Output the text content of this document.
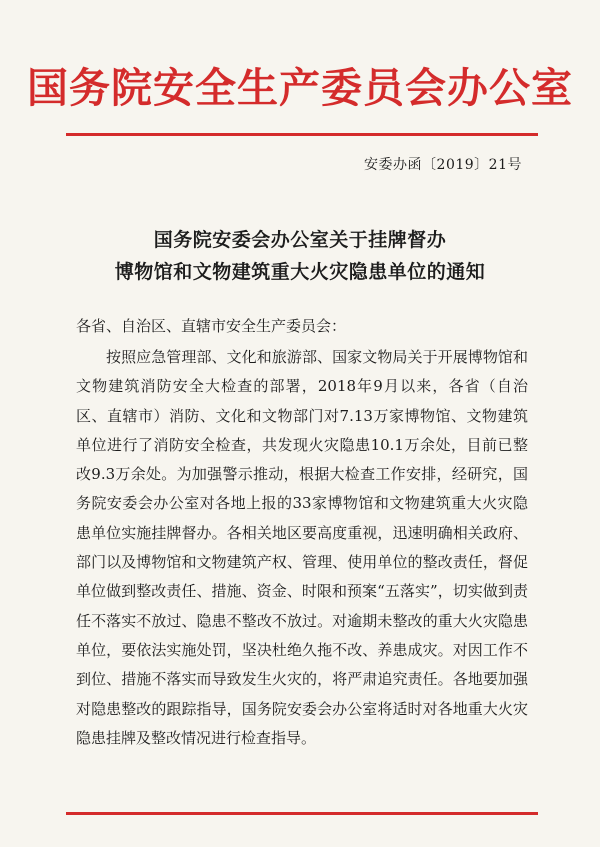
国务院安全生产委员会办公室
安委办函〔2019〕21号
国务院安委会办公室关于挂牌督办
博物馆和文物建筑重大火灾隐患单位的通知
各省、自治区、直辖市安全生产委员会：

按照应急管理部、文化和旅游部、国家文物局关于开展博物馆和文物建筑消防安全大检查的部署，2018年9月以来，各省（自治区、直辖市）消防、文化和文物部门对7.13万家博物馆、文物建筑单位进行了消防安全检查，共发现火灾隐患10.1万余处，目前已整改9.3万余处。为加强警示推动，根据大检查工作安排，经研究，国务院安委会办公室对各地上报的33家博物馆和文物建筑重大火灾隐患单位实施挂牌督办。各相关地区要高度重视，迅速明确相关政府、部门以及博物馆和文物建筑产权、管理、使用单位的整改责任，督促单位做到整改责任、措施、资金、时限和预案“五落实”，切实做到责任不落实不放过、隐患不整改不放过。对逾期未整改的重大火灾隐患单位，要依法实施处罚，坚决杜绝久拖不改、养患成灾。对因工作不到位、措施不落实而导致发生火灾的，将严肃追究责任。各地要加强对隐患整改的跟踪指导，国务院安委会办公室将适时对各地重大火灾隐患挂牌及整改情况进行检查指导。
